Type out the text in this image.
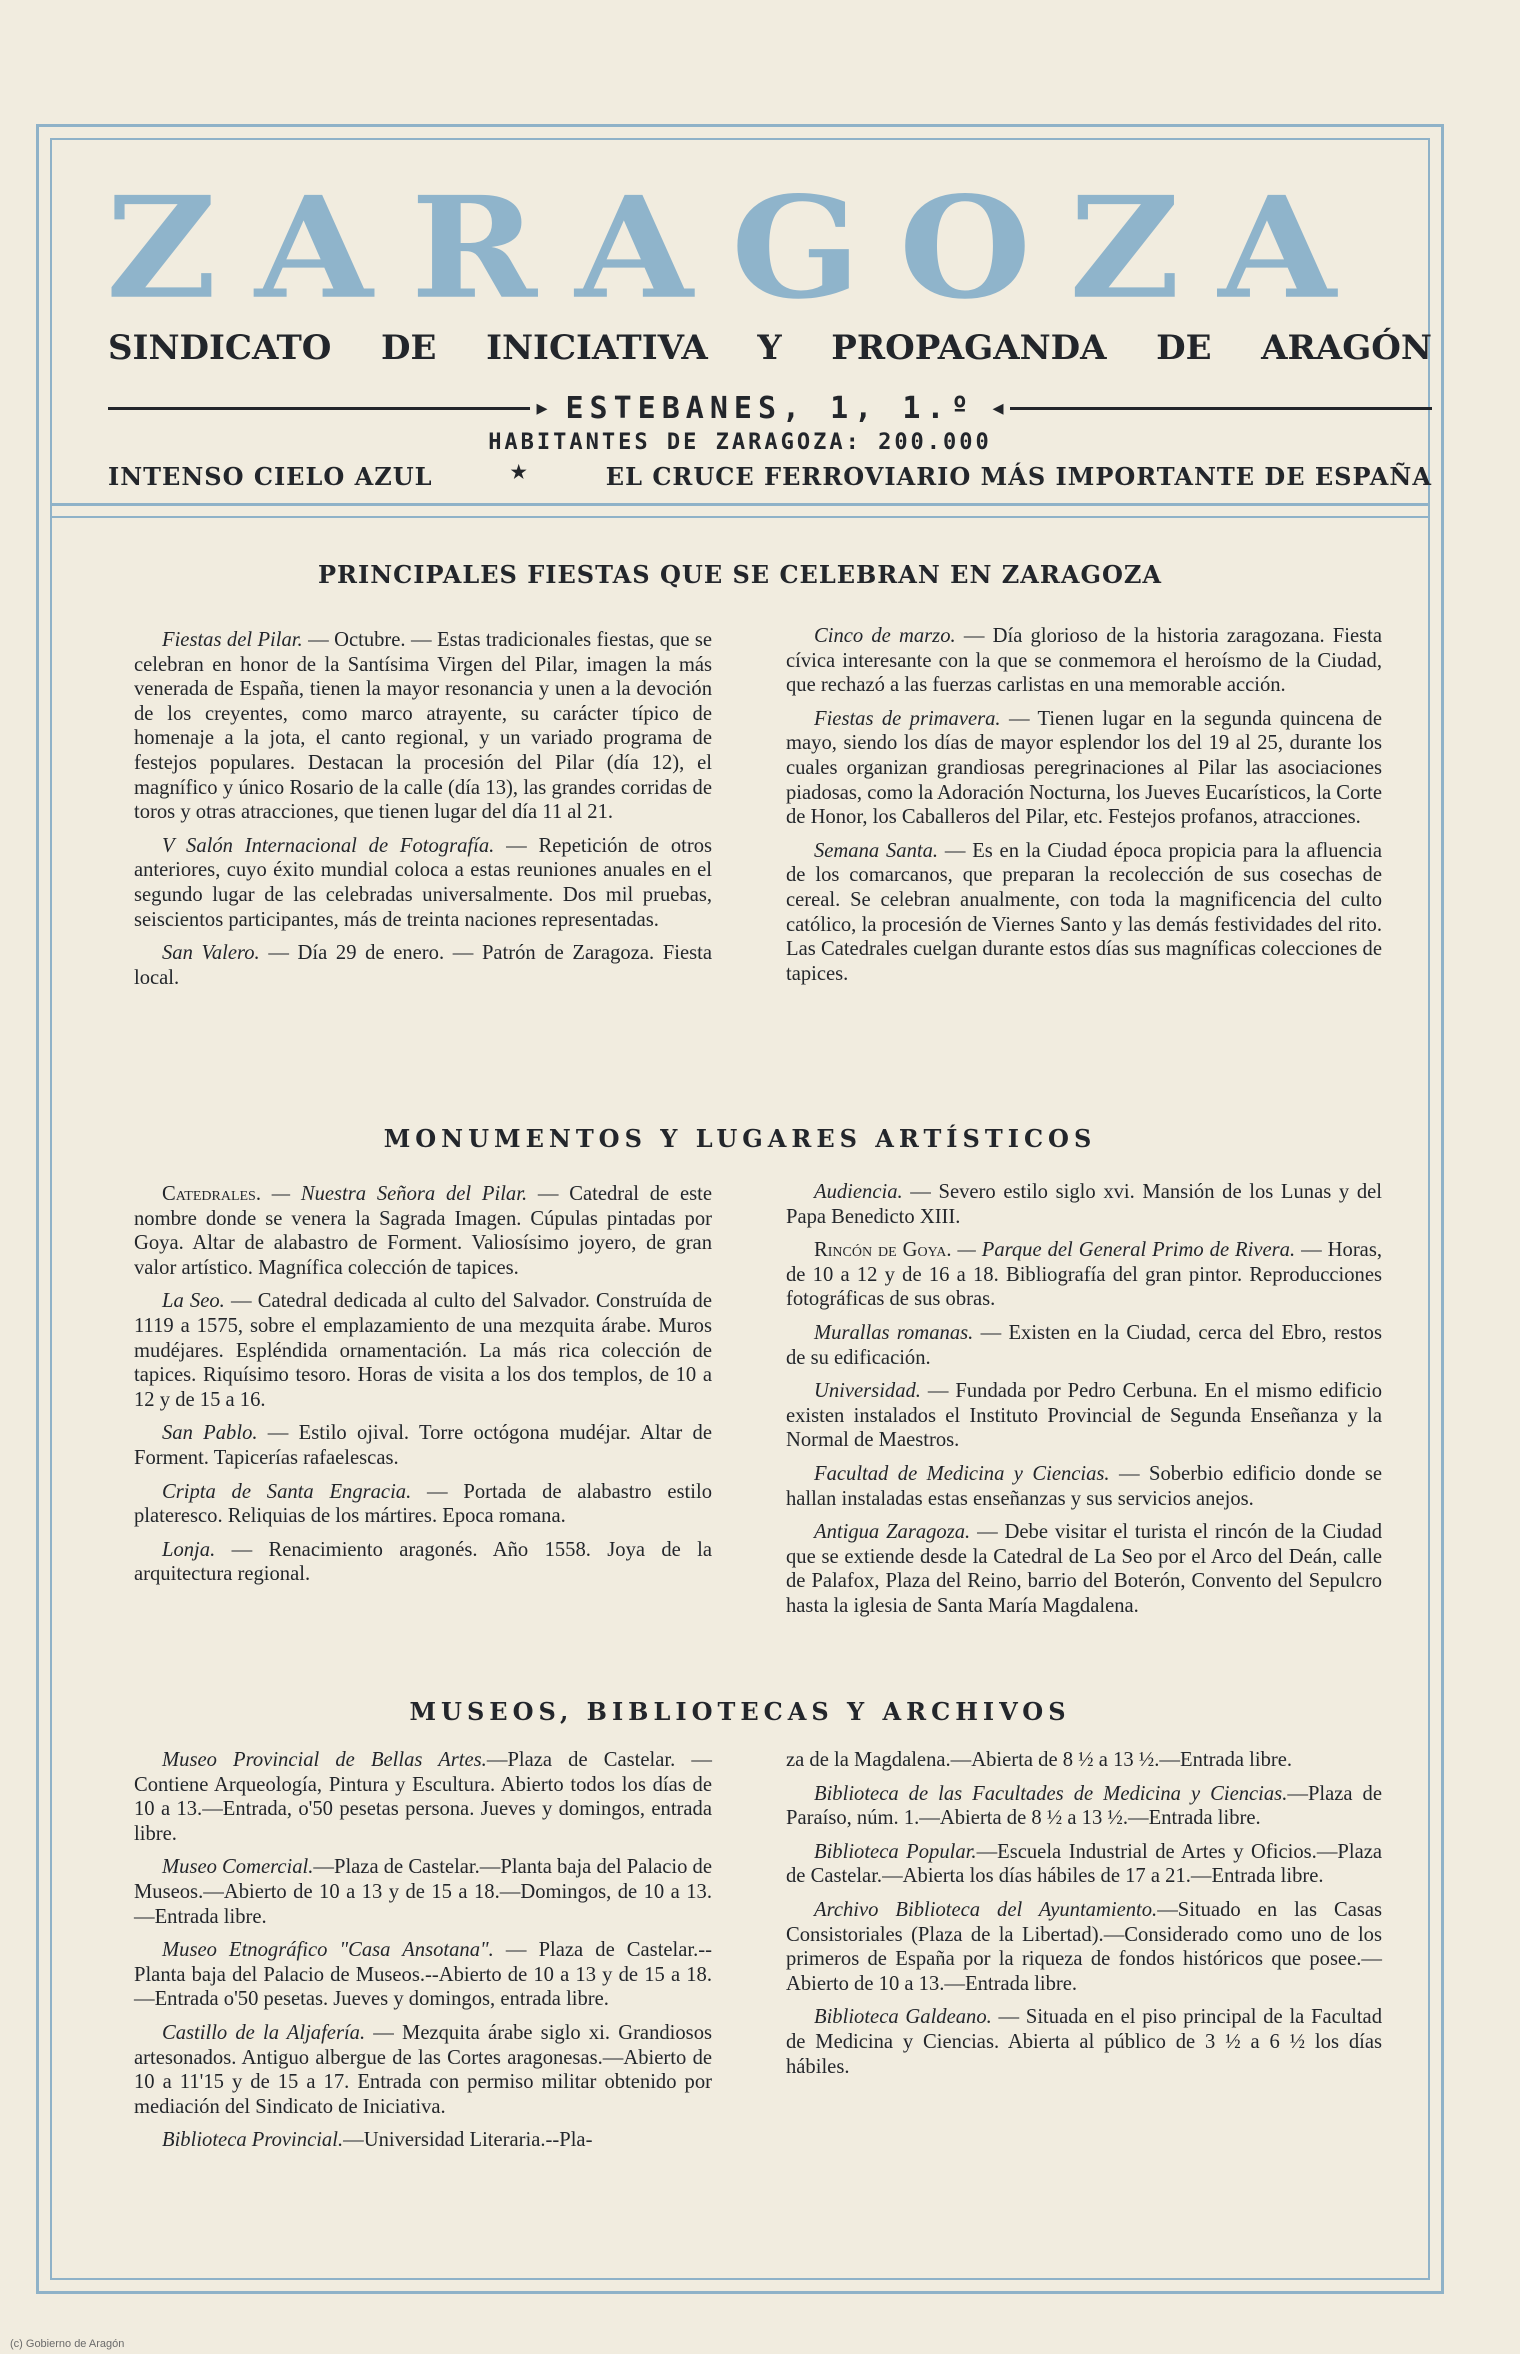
ZARAGOZA
SINDICATO DE INICIATIVA Y PROPAGANDA DE ARAGÓN
▸ ESTEBANES, 1, 1.º ◂
HABITANTES DE ZARAGOZA: 200.000
INTENSO CIELO AZUL	★	EL CRUCE FERROVIARIO MÁS IMPORTANTE DE ESPAÑA
PRINCIPALES FIESTAS QUE SE CELEBRAN EN ZARAGOZA

Fiestas del Pilar. — Octubre. — Estas tradicionales fiestas, que se celebran en honor de la Santísima Virgen del Pilar, imagen la más venerada de España, tienen la mayor resonancia y unen a la devoción de los creyentes, como marco atrayente, su carácter típico de homenaje a la jota, el canto regional, y un variado programa de festejos populares. Destacan la procesión del Pilar (día 12), el magnífico y único Rosario de la calle (día 13), las grandes corridas de toros y otras atracciones, que tienen lugar del día 11 al 21.

V Salón Internacional de Fotografía. — Repetición de otros anteriores, cuyo éxito mundial coloca a estas reuniones anuales en el segundo lugar de las celebradas universalmente. Dos mil pruebas, seiscientos participantes, más de treinta naciones representadas.

San Valero. — Día 29 de enero. — Patrón de Zaragoza. Fiesta local.

Cinco de marzo. — Día glorioso de la historia zaragozana. Fiesta cívica interesante con la que se conmemora el heroísmo de la Ciudad, que rechazó a las fuerzas carlistas en una memorable acción.

Fiestas de primavera. — Tienen lugar en la segunda quincena de mayo, siendo los días de mayor esplendor los del 19 al 25, durante los cuales organizan grandiosas peregrinaciones al Pilar las asociaciones piadosas, como la Adoración Nocturna, los Jueves Eucarísticos, la Corte de Honor, los Caballeros del Pilar, etc. Festejos profanos, atracciones.

Semana Santa. — Es en la Ciudad época propicia para la afluencia de los comarcanos, que preparan la recolección de sus cosechas de cereal. Se celebran anualmente, con toda la magnificencia del culto católico, la procesión de Viernes Santo y las demás festividades del rito. Las Catedrales cuelgan durante estos días sus magníficas colecciones de tapices.

MONUMENTOS Y LUGARES ARTÍSTICOS

Catedrales. — Nuestra Señora del Pilar. — Catedral de este nombre donde se venera la Sagrada Imagen. Cúpulas pintadas por Goya. Altar de alabastro de Forment. Valiosísimo joyero, de gran valor artístico. Magnífica colección de tapices.

La Seo. — Catedral dedicada al culto del Salvador. Construída de 1119 a 1575, sobre el emplazamiento de una mezquita árabe. Muros mudéjares. Espléndida ornamentación. La más rica colección de tapices. Riquísimo tesoro. Horas de visita a los dos templos, de 10 a 12 y de 15 a 16.

San Pablo. — Estilo ojival. Torre octógona mudéjar. Altar de Forment. Tapicerías rafaelescas.

Cripta de Santa Engracia. — Portada de alabastro estilo plateresco. Reliquias de los mártires. Epoca romana.

Lonja. — Renacimiento aragonés. Año 1558. Joya de la arquitectura regional.

Audiencia. — Severo estilo siglo xvi. Mansión de los Lunas y del Papa Benedicto XIII.

Rincón de Goya. — Parque del General Primo de Rivera. — Horas, de 10 a 12 y de 16 a 18. Bibliografía del gran pintor. Reproducciones fotográficas de sus obras.

Murallas romanas. — Existen en la Ciudad, cerca del Ebro, restos de su edificación.

Universidad. — Fundada por Pedro Cerbuna. En el mismo edificio existen instalados el Instituto Provincial de Segunda Enseñanza y la Normal de Maestros.

Facultad de Medicina y Ciencias. — Soberbio edificio donde se hallan instaladas estas enseñanzas y sus servicios anejos.

Antigua Zaragoza. — Debe visitar el turista el rincón de la Ciudad que se extiende desde la Catedral de La Seo por el Arco del Deán, calle de Palafox, Plaza del Reino, barrio del Boterón, Convento del Sepulcro hasta la iglesia de Santa María Magdalena.

MUSEOS, BIBLIOTECAS Y ARCHIVOS

Museo Provincial de Bellas Artes.—Plaza de Castelar. — Contiene Arqueología, Pintura y Escultura. Abierto todos los días de 10 a 13.—Entrada, o'50 pesetas persona. Jueves y domingos, entrada libre.

Museo Comercial.—Plaza de Castelar.—Planta baja del Palacio de Museos.—Abierto de 10 a 13 y de 15 a 18.—Domingos, de 10 a 13.—Entrada libre.

Museo Etnográfico "Casa Ansotana". — Plaza de Castelar.--Planta baja del Palacio de Museos.--Abierto de 10 a 13 y de 15 a 18.—Entrada o'50 pesetas. Jueves y domingos, entrada libre.

Castillo de la Aljafería. — Mezquita árabe siglo xi. Grandiosos artesonados. Antiguo albergue de las Cortes aragonesas.—Abierto de 10 a 11'15 y de 15 a 17. Entrada con permiso militar obtenido por mediación del Sindicato de Iniciativa.

Biblioteca Provincial.—Universidad Literaria.--Pla-

za de la Magdalena.—Abierta de 8 ½ a 13 ½.—Entrada libre.

Biblioteca de las Facultades de Medicina y Ciencias.—Plaza de Paraíso, núm. 1.—Abierta de 8 ½ a 13 ½.—Entrada libre.

Biblioteca Popular.—Escuela Industrial de Artes y Oficios.—Plaza de Castelar.—Abierta los días hábiles de 17 a 21.—Entrada libre.

Archivo Biblioteca del Ayuntamiento.—Situado en las Casas Consistoriales (Plaza de la Libertad).—Considerado como uno de los primeros de España por la riqueza de fondos históricos que posee.—Abierto de 10 a 13.—Entrada libre.

Biblioteca Galdeano. — Situada en el piso principal de la Facultad de Medicina y Ciencias. Abierta al público de 3 ½ a 6 ½ los días hábiles.

(c) Gobierno de Aragón
